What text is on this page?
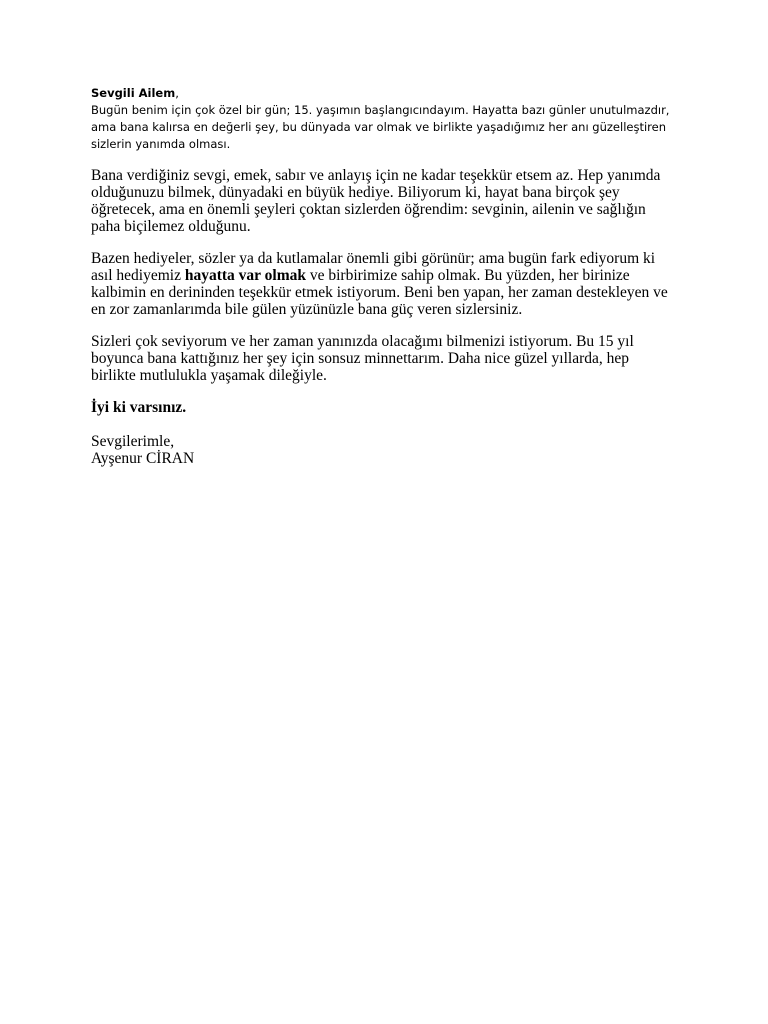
Sevgili Ailem,
Bugün benim için çok özel bir gün; 15. yaşımın başlangıcındayım. Hayatta bazı günler unutulmazdır,
ama bana kalırsa en değerli şey, bu dünyada var olmak ve birlikte yaşadığımız her anı güzelleştiren
sizlerin yanımda olması.

Bana verdiğiniz sevgi, emek, sabır ve anlayış için ne kadar teşekkür etsem az. Hep yanımda
olduğunuzu bilmek, dünyadaki en büyük hediye. Biliyorum ki, hayat bana birçok şey
öğretecek, ama en önemli şeyleri çoktan sizlerden öğrendim: sevginin, ailenin ve sağlığın
paha biçilemez olduğunu.

Bazen hediyeler, sözler ya da kutlamalar önemli gibi görünür; ama bugün fark ediyorum ki
asıl hediyemiz hayatta var olmak ve birbirimize sahip olmak. Bu yüzden, her birinize
kalbimin en derininden teşekkür etmek istiyorum. Beni ben yapan, her zaman destekleyen ve
en zor zamanlarımda bile gülen yüzünüzle bana güç veren sizlersiniz.

Sizleri çok seviyorum ve her zaman yanınızda olacağımı bilmenizi istiyorum. Bu 15 yıl
boyunca bana kattığınız her şey için sonsuz minnettarım. Daha nice güzel yıllarda, hep
birlikte mutlulukla yaşamak dileğiyle.

İyi ki varsınız.

Sevgilerimle,
Ayşenur CİRAN
